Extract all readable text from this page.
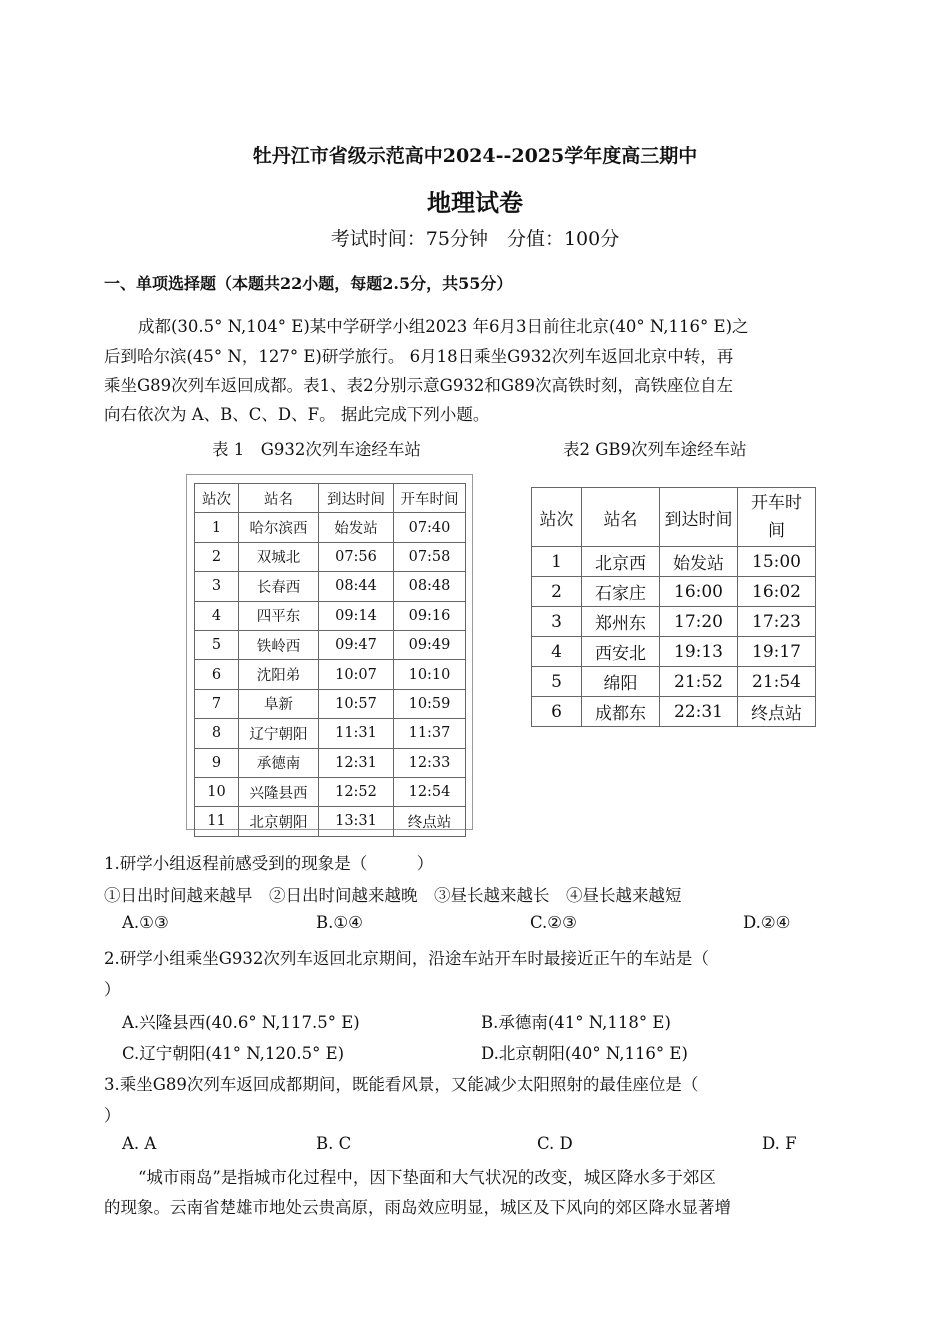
牡丹江市省级示范高中2024--2025学年度高三期中
地理试卷
考试时间：75分钟　分值：100分
一、单项选择题（本题共22小题，每题2.5分，共55分）
成都(30.5° N,104° E)某中学研学小组2023 年6月3日前往北京(40° N,116° E)之
后到哈尔滨(45° N，127° E)研学旅行。 6月18日乘坐G932次列车返回北京中转，再
乘坐G89次列车返回成都。表1、表2分别示意G932和G89次高铁时刻，高铁座位自左
向右依次为 A、B、C、D、F。 据此完成下列小题。
表 1　G932次列车途经车站	表2 GB9次列车途经车站
站次	站名	到达时间	开车时间
1	哈尔滨西	始发站	07:40
2	双城北	07:56	07:58
3	长春西	08:44	08:48
4	四平东	09:14	09:16
5	铁岭西	09:47	09:49
6	沈阳弟	10:07	10:10
7	阜新	10:57	10:59
8	辽宁朝阳	11:31	11:37
9	承德南	12:31	12:33
10	兴隆县西	12:52	12:54
11	北京朝阳	13:31	终点站
站次	站名	到达时间	开车时
间
1	北京西	始发站	15:00
2	石家庄	16:00	16:02
3	郑州东	17:20	17:23
4	西安北	19:13	19:17
5	绵阳	21:52	21:54
6	成都东	22:31	终点站
1.研学小组返程前感受到的现象是（　　　）
①日出时间越来越早　②日出时间越来越晚　③昼长越来越长　④昼长越来越短
A.①③	B.①④	C.②③	D.②④
2.研学小组乘坐G932次列车返回北京期间，沿途车站开车时最接近正午的车站是（
）
A.兴隆县西(40.6° N,117.5° E)	B.承德南(41° N,118° E)
C.辽宁朝阳(41° N,120.5° E)	D.北京朝阳(40° N,116° E)
3.乘坐G89次列车返回成都期间，既能看风景，又能减少太阳照射的最佳座位是（
）
A. A	B. C	C. D	D. F
“城市雨岛”是指城市化过程中，因下垫面和大气状况的改变，城区降水多于郊区
的现象。云南省楚雄市地处云贵高原，雨岛效应明显，城区及下风向的郊区降水显著增
